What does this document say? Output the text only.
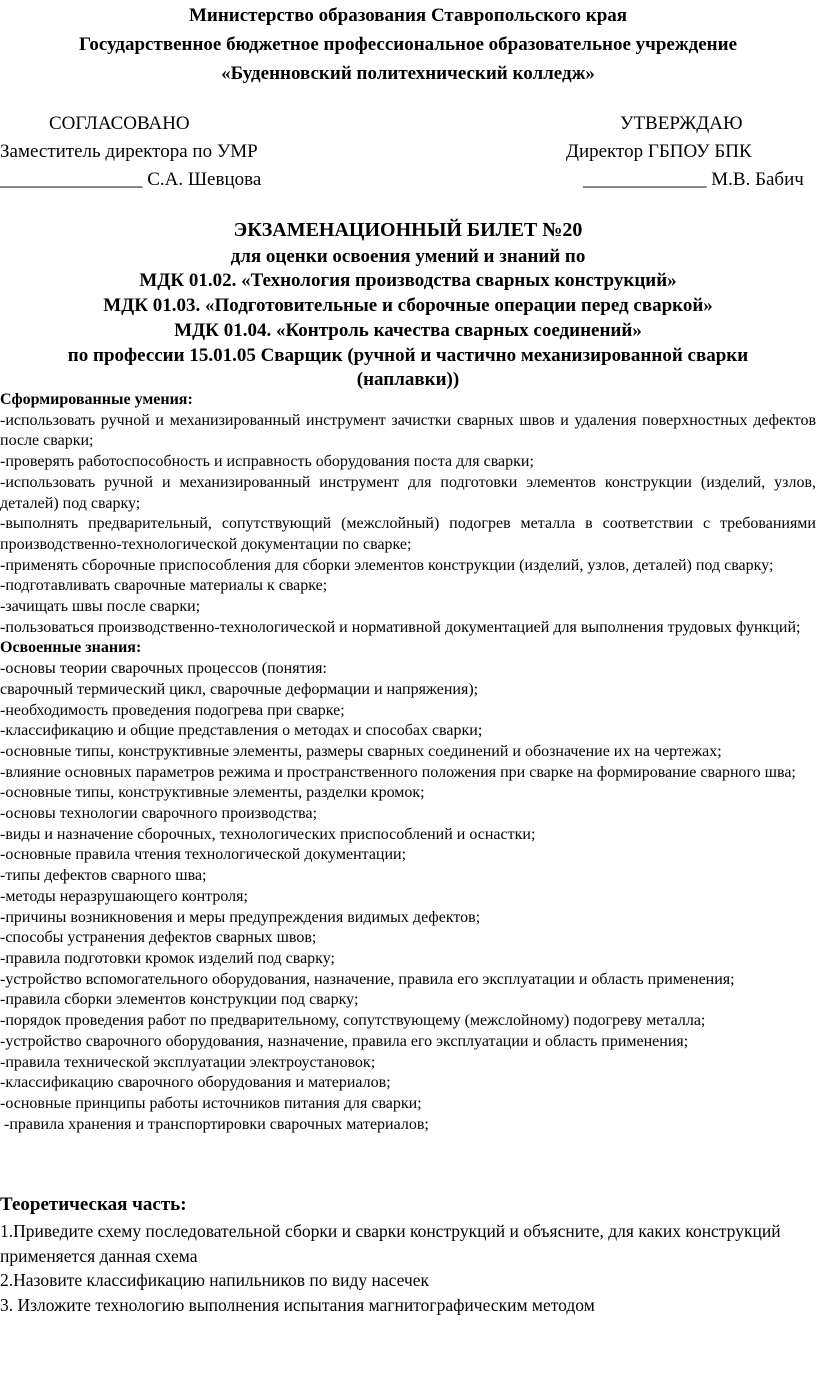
Министерство образования Ставропольского края
Государственное бюджетное профессиональное образовательное учреждение
«Буденновский политехнический колледж»
СОГЛАСОВАНО
Заместитель директора по УМР
_______________ С.А. Шевцова
УТВЕРЖДАЮ
Директор ГБПОУ БПК
_____________ М.В. Бабич
ЭКЗАМЕНАЦИОННЫЙ БИЛЕТ №20
для оценки освоения умений и знаний по
МДК 01.02. «Технология производства сварных конструкций»
МДК 01.03. «Подготовительные и сборочные операции перед сваркой»
МДК 01.04. «Контроль качества сварных соединений»
по профессии 15.01.05 Сварщик (ручной и частично механизированной сварки
(наплавки))

Сформированные умения:

-использовать ручной и механизированный инструмент зачистки сварных швов и удаления поверхностных дефектов после сварки;

-проверять работоспособность и исправность оборудования поста для сварки;

-использовать ручной и механизированный инструмент для подготовки элементов конструкции (изделий, узлов, деталей) под сварку;

-выполнять предварительный, сопутствующий (межслойный) подогрев металла в соответствии с требованиями производственно-технологической документации по сварке;

-применять сборочные приспособления для сборки элементов конструкции (изделий, узлов, деталей) под сварку;

-подготавливать сварочные материалы к сварке;

-зачищать швы после сварки;

-пользоваться производственно-технологической и нормативной документацией для выполнения трудовых функций;

Освоенные знания:

-основы теории сварочных процессов (понятия:

сварочный термический цикл, сварочные деформации и напряжения);

-необходимость проведения подогрева при сварке;

-классификацию и общие представления о методах и способах сварки;

-основные типы, конструктивные элементы, размеры сварных соединений и обозначение их на чертежах;

-влияние основных параметров режима и пространственного положения при сварке на формирование сварного шва;

-основные типы, конструктивные элементы, разделки кромок;

-основы технологии сварочного производства;

-виды и назначение сборочных, технологических приспособлений и оснастки;

-основные правила чтения технологической документации;

-типы дефектов сварного шва;

-методы неразрушающего контроля;

-причины возникновения и меры предупреждения видимых дефектов;

-способы устранения дефектов сварных швов;

-правила подготовки кромок изделий под сварку;

-устройство вспомогательного оборудования, назначение, правила его эксплуатации и область применения;

-правила сборки элементов конструкции под сварку;

-порядок проведения работ по предварительному, сопутствующему (межслойному) подогреву металла;

-устройство сварочного оборудования, назначение, правила его эксплуатации и область применения;

-правила технической эксплуатации электроустановок;

-классификацию сварочного оборудования и материалов;

-основные принципы работы источников питания для сварки;

-правила хранения и транспортировки сварочных материалов;

Теоретическая часть:

1.Приведите схему последовательной сборки и сварки конструкций и объясните, для каких конструкций применяется данная схема

2.Назовите классификацию напильников по виду насечек

3. Изложите технологию выполнения испытания магнитографическим методом
